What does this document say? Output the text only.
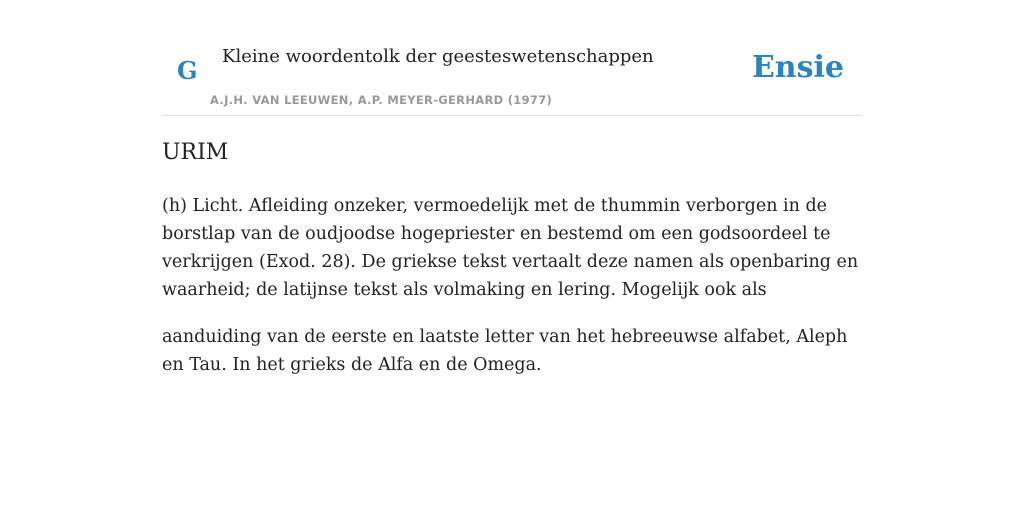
G Kleine woordentolk der geesteswetenschappen
A.J.H. VAN LEEUWEN, A.P. MEYER-GERHARD (1977)
Ensie
URIM

(h) Licht. Afleiding onzeker, vermoedelijk met de thummin verborgen in de borstlap van de oudjoodse hogepriester en bestemd om een godsoordeel te verkrijgen (Exod. 28). De griekse tekst vertaalt deze namen als openbaring en waarheid; de latijnse tekst als volmaking en lering. Mogelijk ook als

aanduiding van de eerste en laatste letter van het hebreeuwse alfabet, Aleph en Tau. In het grieks de Alfa en de Omega.
